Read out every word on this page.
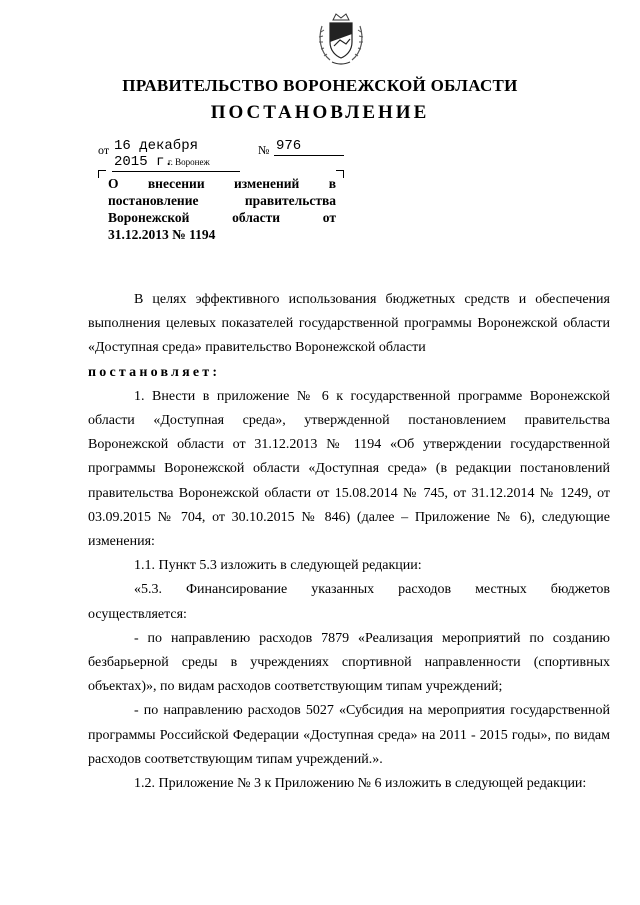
ПРАВИТЕЛЬСТВО ВОРОНЕЖСКОЙ ОБЛАСТИ
ПОСТАНОВЛЕНИЕ
от 16 декабря 2015 г.
№ 976
г. Воронеж
О внесении изменений в
постановление правительства
Воронежской области от
31.12.2013 № 1194

В целях эффективного использования бюджетных средств и обеспечения выполнения целевых показателей государственной программы Воронежской области «Доступная среда» правительство Воронежской области

постановляет:

1. Внести в приложение № 6 к государственной программе Воронежской области «Доступная среда», утвержденной постановлением правительства Воронежской области от 31.12.2013 № 1194 «Об утверждении государственной программы Воронежской области «Доступная среда» (в редакции постановлений правительства Воронежской области от 15.08.2014 № 745, от 31.12.2014 № 1249, от 03.09.2015 № 704, от 30.10.2015 № 846) (далее – Приложение № 6), следующие изменения:

1.1. Пункт 5.3 изложить в следующей редакции:

«5.3. Финансирование указанных расходов местных бюджетов осуществляется:

- по направлению расходов 7879 «Реализация мероприятий по созданию безбарьерной среды в учреждениях спортивной направленности (спортивных объектах)», по видам расходов соответствующим типам учреждений;

- по направлению расходов 5027 «Субсидия на мероприятия государственной программы Российской Федерации «Доступная среда» на 2011 - 2015 годы», по видам расходов соответствующим типам учреждений.».

1.2. Приложение № 3 к Приложению № 6 изложить в следующей редакции:
